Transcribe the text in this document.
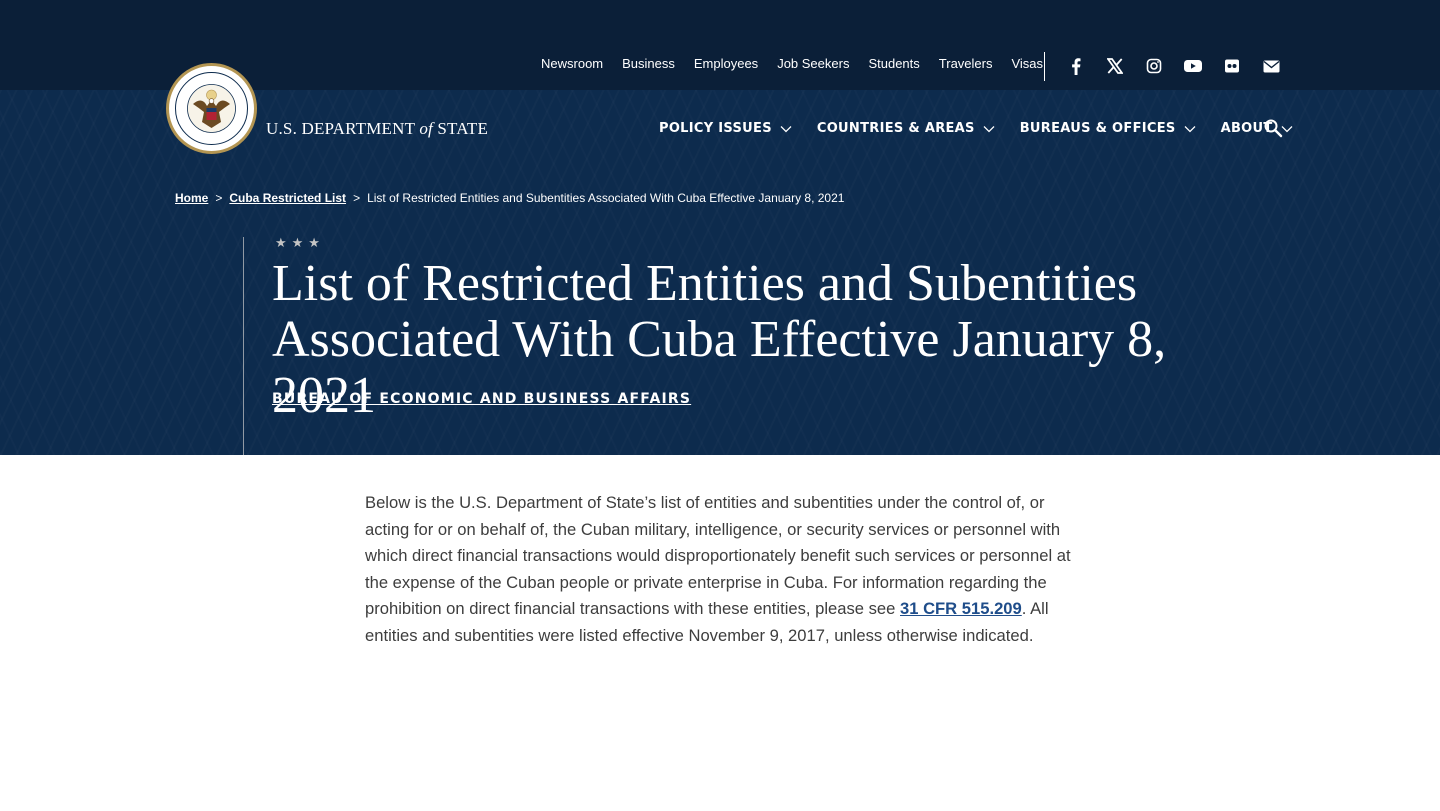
Newsroom Business Employees Job Seekers Students Travelers Visas
U.S. DEPARTMENT of STATE	POLICY ISSUES	COUNTRIES & AREAS	BUREAUS & OFFICES	ABOUT
Home > Cuba Restricted List > List of Restricted Entities and Subentities Associated With Cuba Effective January 8, 2021
★★★
List of Restricted Entities and Subentities Associated With Cuba Effective January 8, 2021
BUREAU OF ECONOMIC AND BUSINESS AFFAIRS

Below is the U.S. Department of State’s list of entities and subentities under the control of, or acting for or on behalf of, the Cuban military, intelligence, or security services or personnel with which direct financial transactions would disproportionately benefit such services or personnel at the expense of the Cuban people or private enterprise in Cuba. For information regarding the prohibition on direct financial transactions with these entities, please see 31 CFR 515.209. All entities and subentities were listed effective November 9, 2017, unless otherwise indicated.
